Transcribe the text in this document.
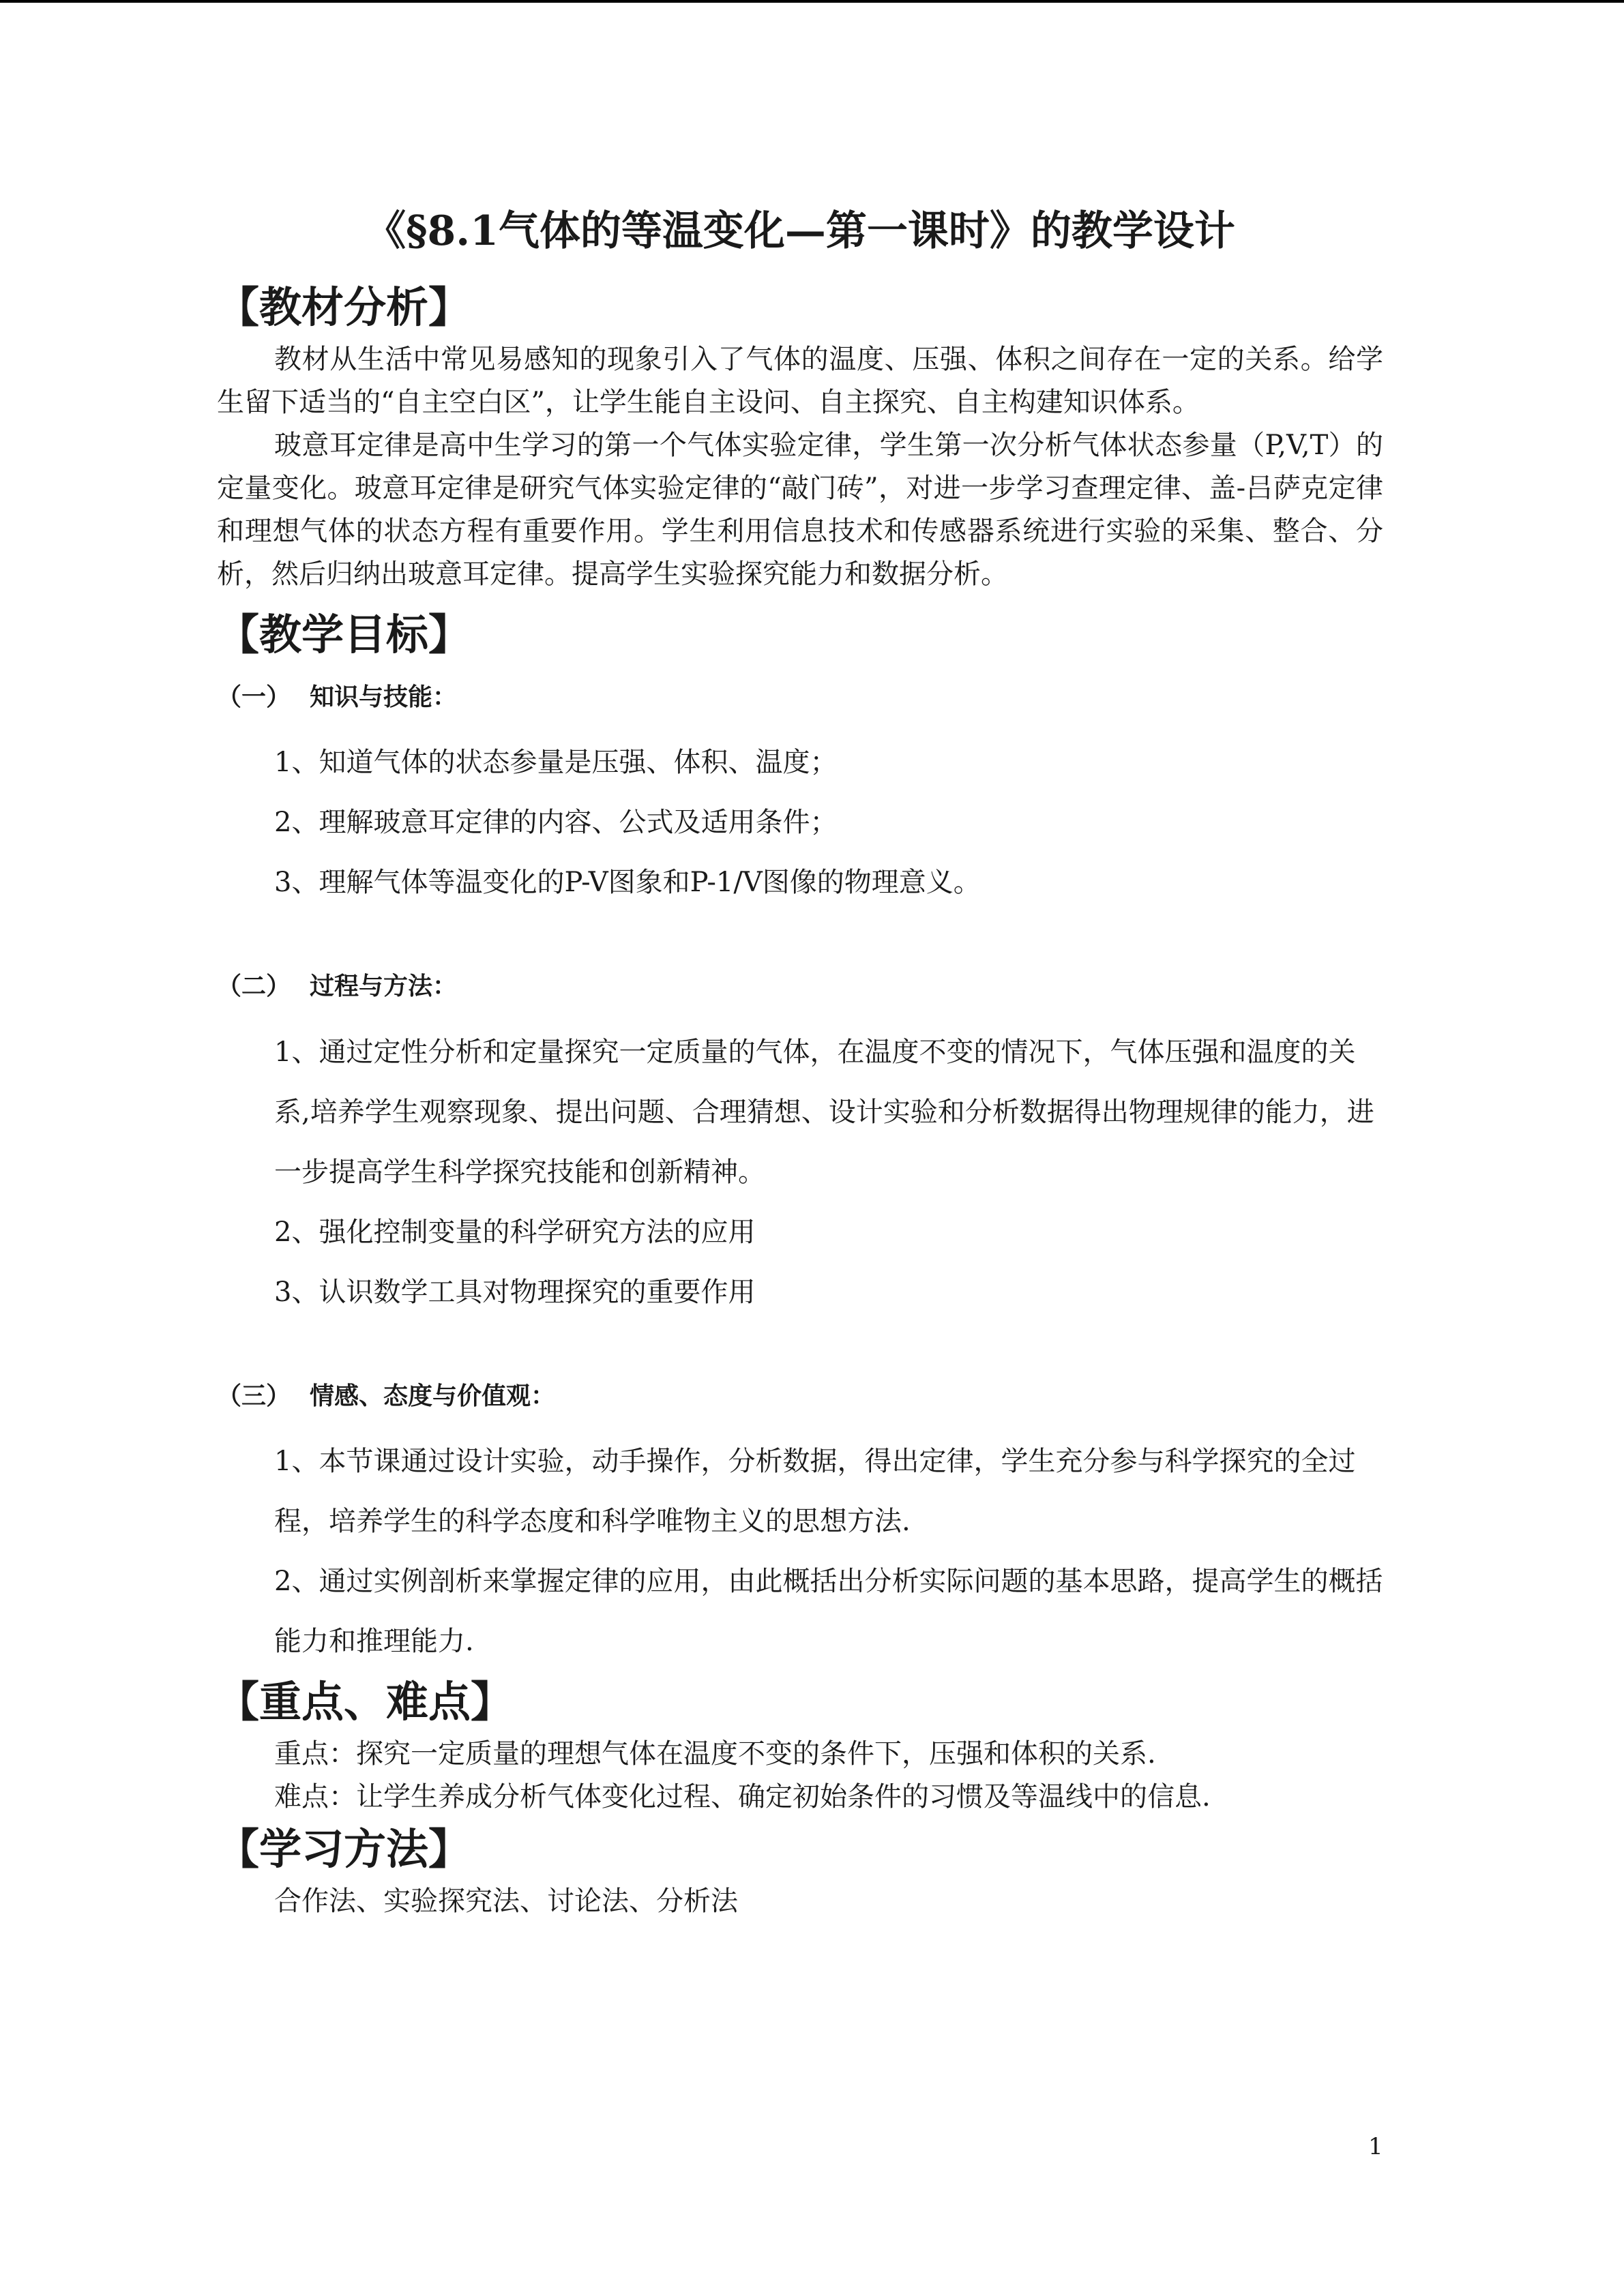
《§8.1气体的等温变化—第一课时》的教学设计
【教材分析】

教材从生活中常见易感知的现象引入了气体的温度、压强、体积之间存在一定的关系。给学生留下适当的“自主空白区”，让学生能自主设问、自主探究、自主构建知识体系。

玻意耳定律是高中生学习的第一个气体实验定律，学生第一次分析气体状态参量（P,V,T）的定量变化。玻意耳定律是研究气体实验定律的“敲门砖”，对进一步学习查理定律、盖-吕萨克定律和理想气体的状态方程有重要作用。学生利用信息技术和传感器系统进行实验的采集、整合、分析，然后归纳出玻意耳定律。提高学生实验探究能力和数据分析。

【教学目标】
（一） 知识与技能：

1、知道气体的状态参量是压强、体积、温度；

2、理解玻意耳定律的内容、公式及适用条件；

3、理解气体等温变化的P-V图象和P-1/V图像的物理意义。

（二） 过程与方法：

1、通过定性分析和定量探究一定质量的气体，在温度不变的情况下，气体压强和温度的关系,培养学生观察现象、提出问题、合理猜想、设计实验和分析数据得出物理规律的能力，进一步提高学生科学探究技能和创新精神。

2、强化控制变量的科学研究方法的应用

3、认识数学工具对物理探究的重要作用

（三） 情感、态度与价值观：

1、本节课通过设计实验，动手操作，分析数据，得出定律，学生充分参与科学探究的全过程，培养学生的科学态度和科学唯物主义的思想方法.

2、通过实例剖析来掌握定律的应用，由此概括出分析实际问题的基本思路，提高学生的概括能力和推理能力.

【重点、难点】

重点：探究一定质量的理想气体在温度不变的条件下，压强和体积的关系.

难点：让学生养成分析气体变化过程、确定初始条件的习惯及等温线中的信息.

【学习方法】

合作法、实验探究法、讨论法、分析法

1
